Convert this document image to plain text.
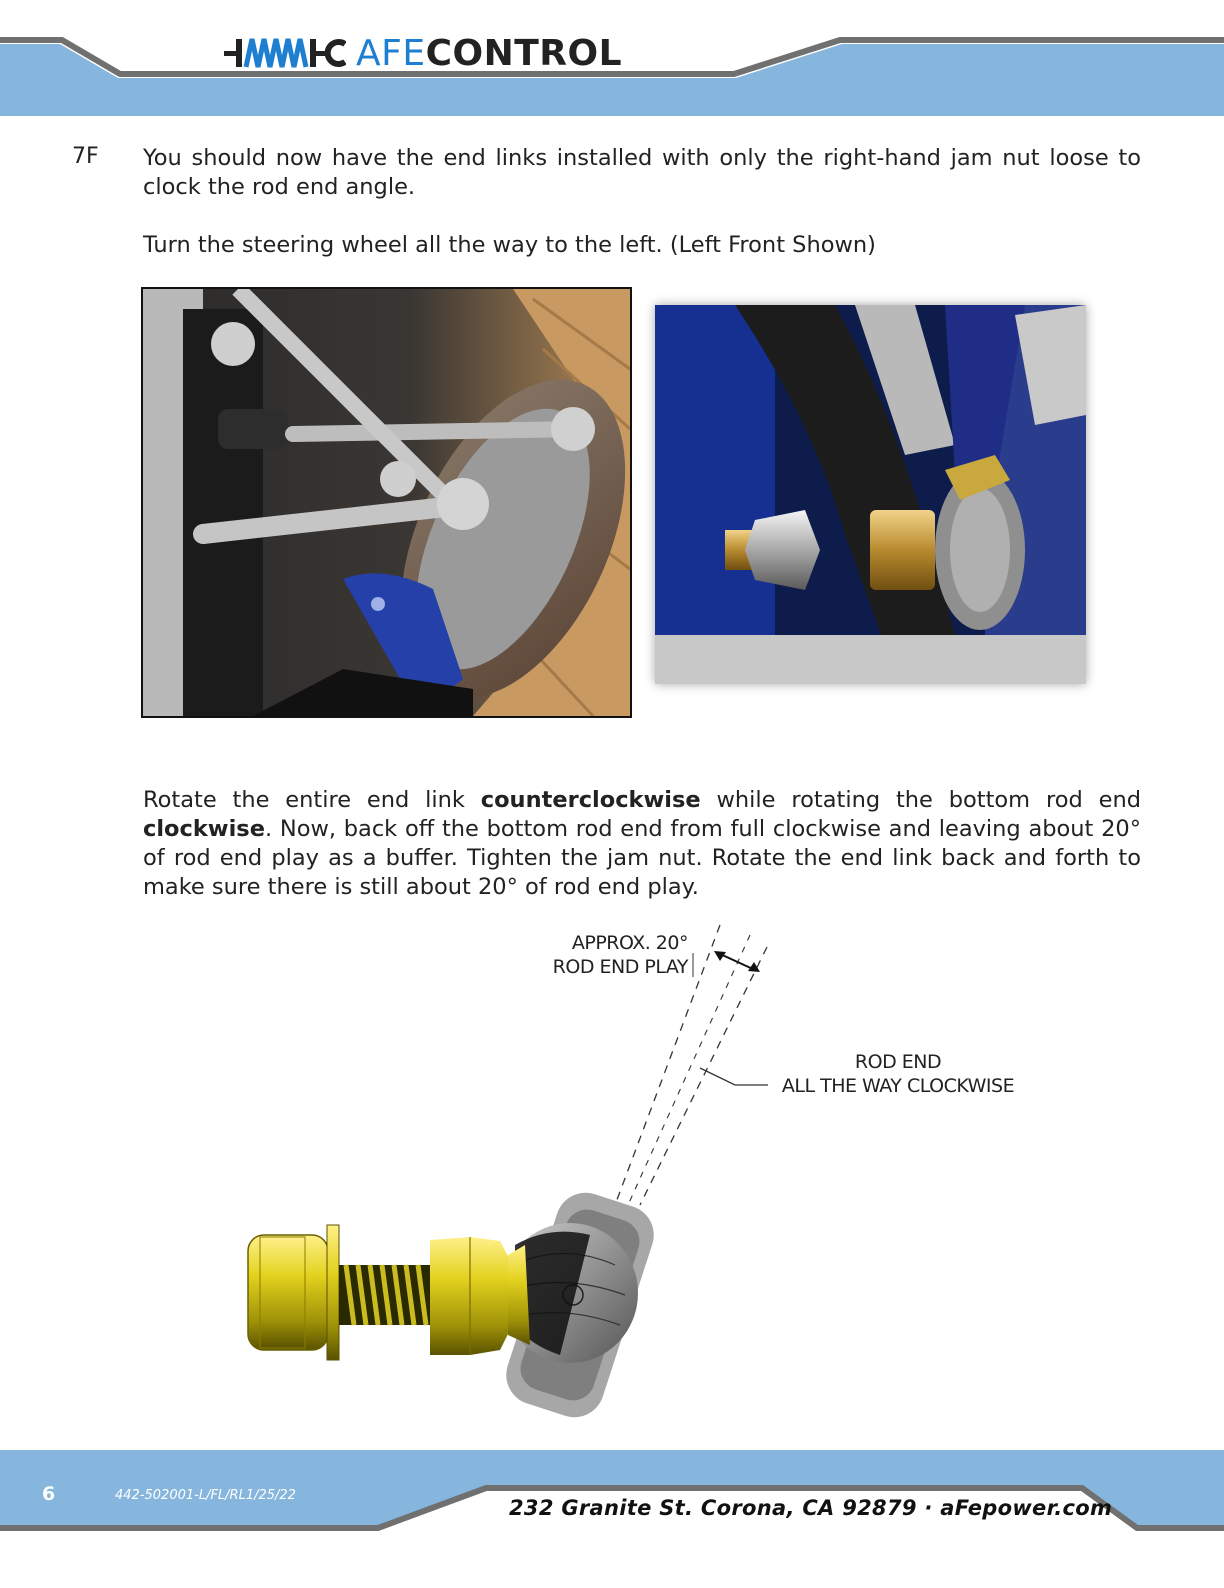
AFE CONTROL
7F You should now have the end links installed with only the right-hand jam nut loose to clock the rod end angle.

Turn the steering wheel all the way to the left. (Left Front Shown)

Rotate the entire end link counterclockwise while rotating the bottom rod end clockwise. Now, back off the bottom rod end from full clockwise and leaving about 20° of rod end play as a buffer. Tighten the jam nut. Rotate the end link back and forth to make sure there is still about 20° of rod end play.

APPROX. 20°
ROD END PLAY
ROD END
ALL THE WAY CLOCKWISE
6	442-502001-L/FL/RL1/25/22
232 Granite St. Corona, CA 92879 · aFepower.com
